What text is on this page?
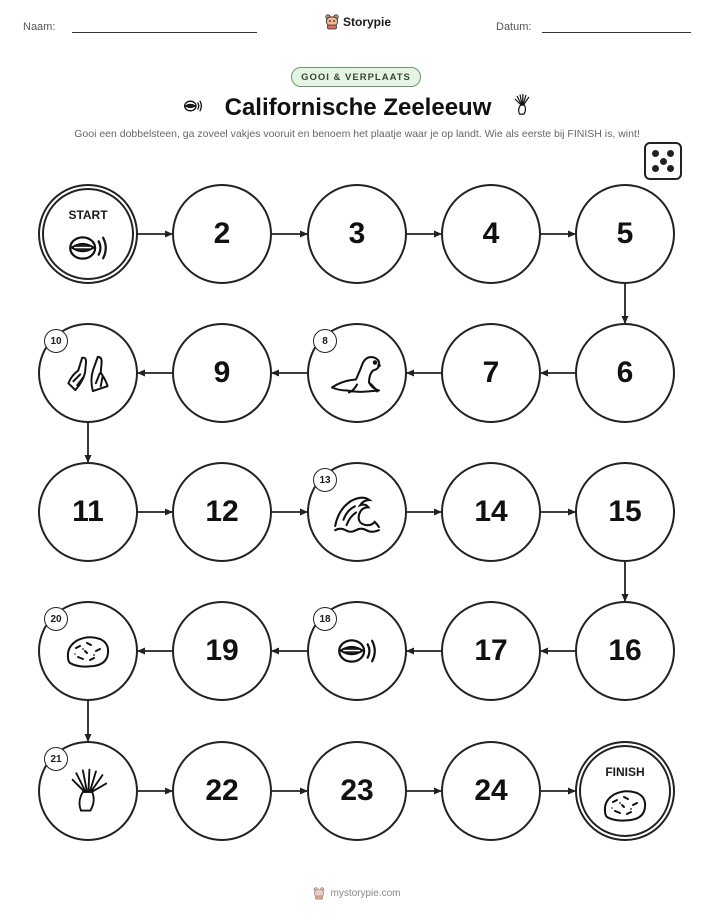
Naam:	Storypie	Datum:
GOOI & VERPLAATS
Californische Zeeleeuw
Gooi een dobbelsteen, ga zoveel vakjes vooruit en benoem het plaatje waar je op landt. Wie als eerste bij FINISH is, wint!
START
2	3	4	5
6
7
8
9
10
11	12
13
14	15
16
17
18
19
20
21
22	23	24
FINISH
mystorypie.com
